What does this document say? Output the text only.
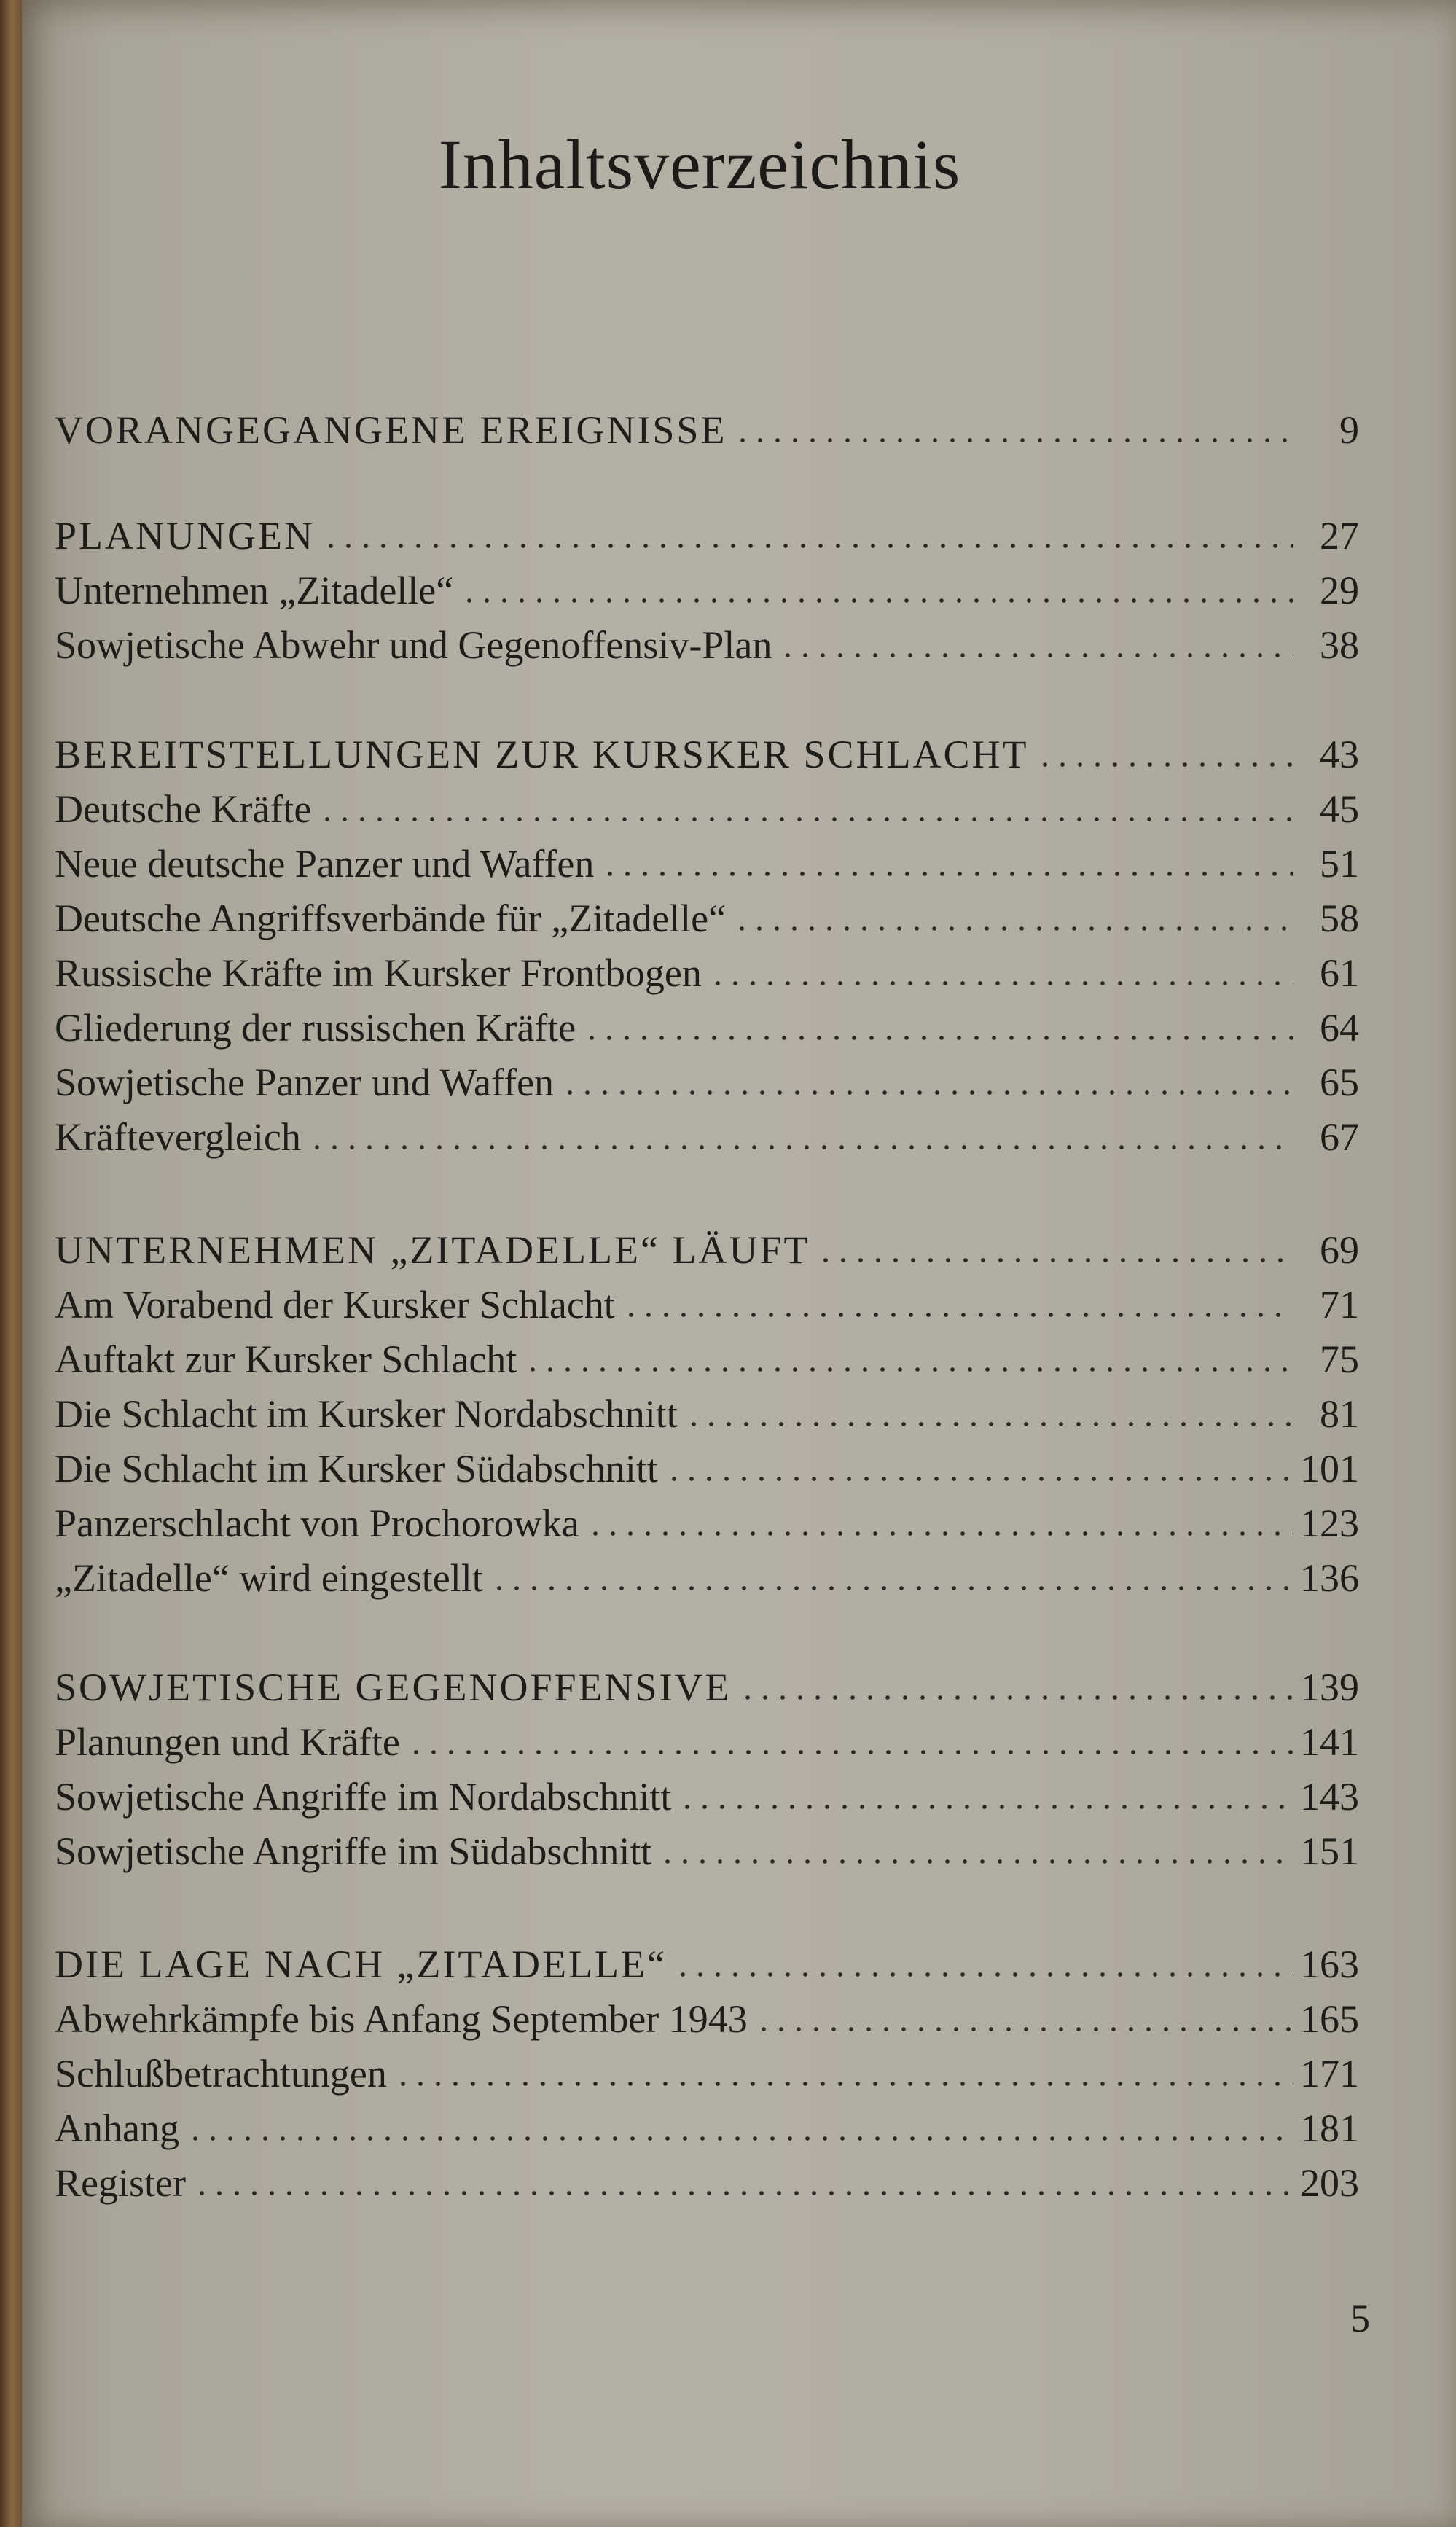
Inhaltsverzeichnis
VORANGEGANGENE EREIGNISSE	9
PLANUNGEN	27
Unternehmen „Zitadelle“	29
Sowjetische Abwehr und Gegenoffensiv-Plan	38
BEREITSTELLUNGEN ZUR KURSKER SCHLACHT	43
Deutsche Kräfte	45
Neue deutsche Panzer und Waffen	51
Deutsche Angriffsverbände für „Zitadelle“	58
Russische Kräfte im Kursker Frontbogen	61
Gliederung der russischen Kräfte	64
Sowjetische Panzer und Waffen	65
Kräftevergleich	67
UNTERNEHMEN „ZITADELLE“ LÄUFT	69
Am Vorabend der Kursker Schlacht	71
Auftakt zur Kursker Schlacht	75
Die Schlacht im Kursker Nordabschnitt	81
Die Schlacht im Kursker Südabschnitt	101
Panzerschlacht von Prochorowka	123
„Zitadelle“ wird eingestellt	136
SOWJETISCHE GEGENOFFENSIVE	139
Planungen und Kräfte	141
Sowjetische Angriffe im Nordabschnitt	143
Sowjetische Angriffe im Südabschnitt	151
DIE LAGE NACH „ZITADELLE“	163
Abwehrkämpfe bis Anfang September 1943	165
Schlußbetrachtungen	171
Anhang	181
Register	203
5
